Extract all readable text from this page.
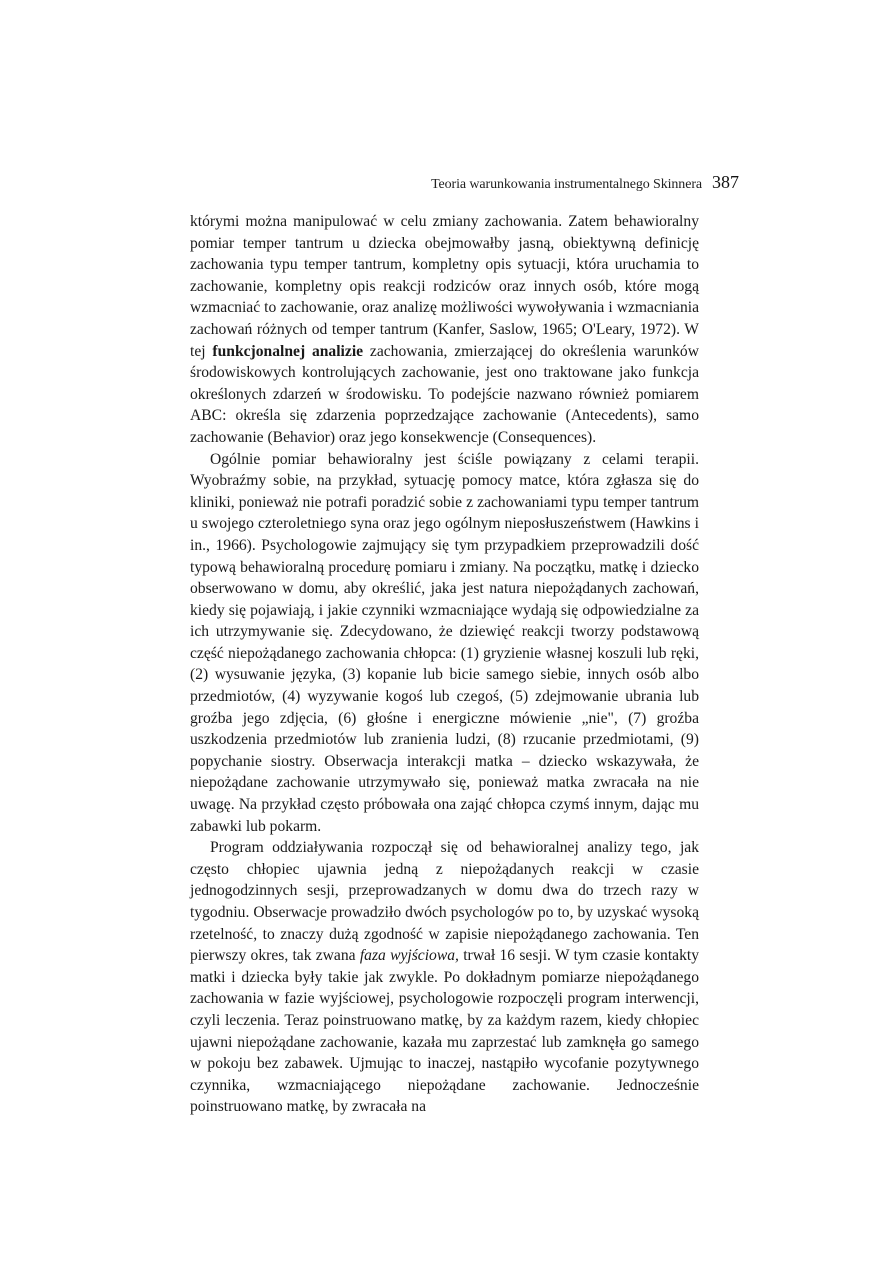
Teoria warunkowania instrumentalnego Skinnera 387

którymi można manipulować w celu zmiany zachowania. Zatem behawioralny pomiar temper tantrum u dziecka obejmowałby jasną, obiektywną definicję zachowania typu temper tantrum, kompletny opis sytuacji, która uruchamia to zachowanie, kompletny opis reakcji rodziców oraz innych osób, które mogą wzmacniać to zachowanie, oraz analizę możliwości wywoływania i wzmacniania zachowań różnych od temper tantrum (Kanfer, Saslow, 1965; O'Leary, 1972). W tej funkcjonalnej analizie zachowania, zmierzającej do określenia warunków środowiskowych kontrolujących zachowanie, jest ono traktowane jako funkcja określonych zdarzeń w środowisku. To podejście nazwano również pomiarem ABC: określa się zdarzenia poprzedzające zachowanie (Antecedents), samo zachowanie (Behavior) oraz jego konsekwencje (Consequences).

Ogólnie pomiar behawioralny jest ściśle powiązany z celami terapii. Wyobraźmy sobie, na przykład, sytuację pomocy matce, która zgłasza się do kliniki, ponieważ nie potrafi poradzić sobie z zachowaniami typu temper tantrum u swojego czteroletniego syna oraz jego ogólnym nieposłuszeństwem (Hawkins i in., 1966). Psychologowie zajmujący się tym przypadkiem przeprowadzili dość typową behawioralną procedurę pomiaru i zmiany. Na początku, matkę i dziecko obserwowano w domu, aby określić, jaka jest natura niepożądanych zachowań, kiedy się pojawiają, i jakie czynniki wzmacniające wydają się odpowiedzialne za ich utrzymywanie się. Zdecydowano, że dziewięć reakcji tworzy podstawową część niepożądanego zachowania chłopca: (1) gryzienie własnej koszuli lub ręki, (2) wysuwanie języka, (3) kopanie lub bicie samego siebie, innych osób albo przedmiotów, (4) wyzywanie kogoś lub czegoś, (5) zdejmowanie ubrania lub groźba jego zdjęcia, (6) głośne i energiczne mówienie „nie", (7) groźba uszkodzenia przedmiotów lub zranienia ludzi, (8) rzucanie przedmiotami, (9) popychanie siostry. Obserwacja interakcji matka – dziecko wskazywała, że niepożądane zachowanie utrzymywało się, ponieważ matka zwracała na nie uwagę. Na przykład często próbowała ona zająć chłopca czymś innym, dając mu zabawki lub pokarm.

Program oddziaływania rozpoczął się od behawioralnej analizy tego, jak często chłopiec ujawnia jedną z niepożądanych reakcji w czasie jednogodzinnych sesji, przeprowadzanych w domu dwa do trzech razy w tygodniu. Obserwacje prowadziło dwóch psychologów po to, by uzyskać wysoką rzetelność, to znaczy dużą zgodność w zapisie niepożądanego zachowania. Ten pierwszy okres, tak zwana faza wyjściowa, trwał 16 sesji. W tym czasie kontakty matki i dziecka były takie jak zwykle. Po dokładnym pomiarze niepożądanego zachowania w fazie wyjściowej, psychologowie rozpoczęli program interwencji, czyli leczenia. Teraz poinstruowano matkę, by za każdym razem, kiedy chłopiec ujawni niepożądane zachowanie, kazała mu zaprzestać lub zamknęła go samego w pokoju bez zabawek. Ujmując to inaczej, nastąpiło wycofanie pozytywnego czynnika, wzmacniającego niepożądane zachowanie. Jednocześnie poinstruowano matkę, by zwracała na
